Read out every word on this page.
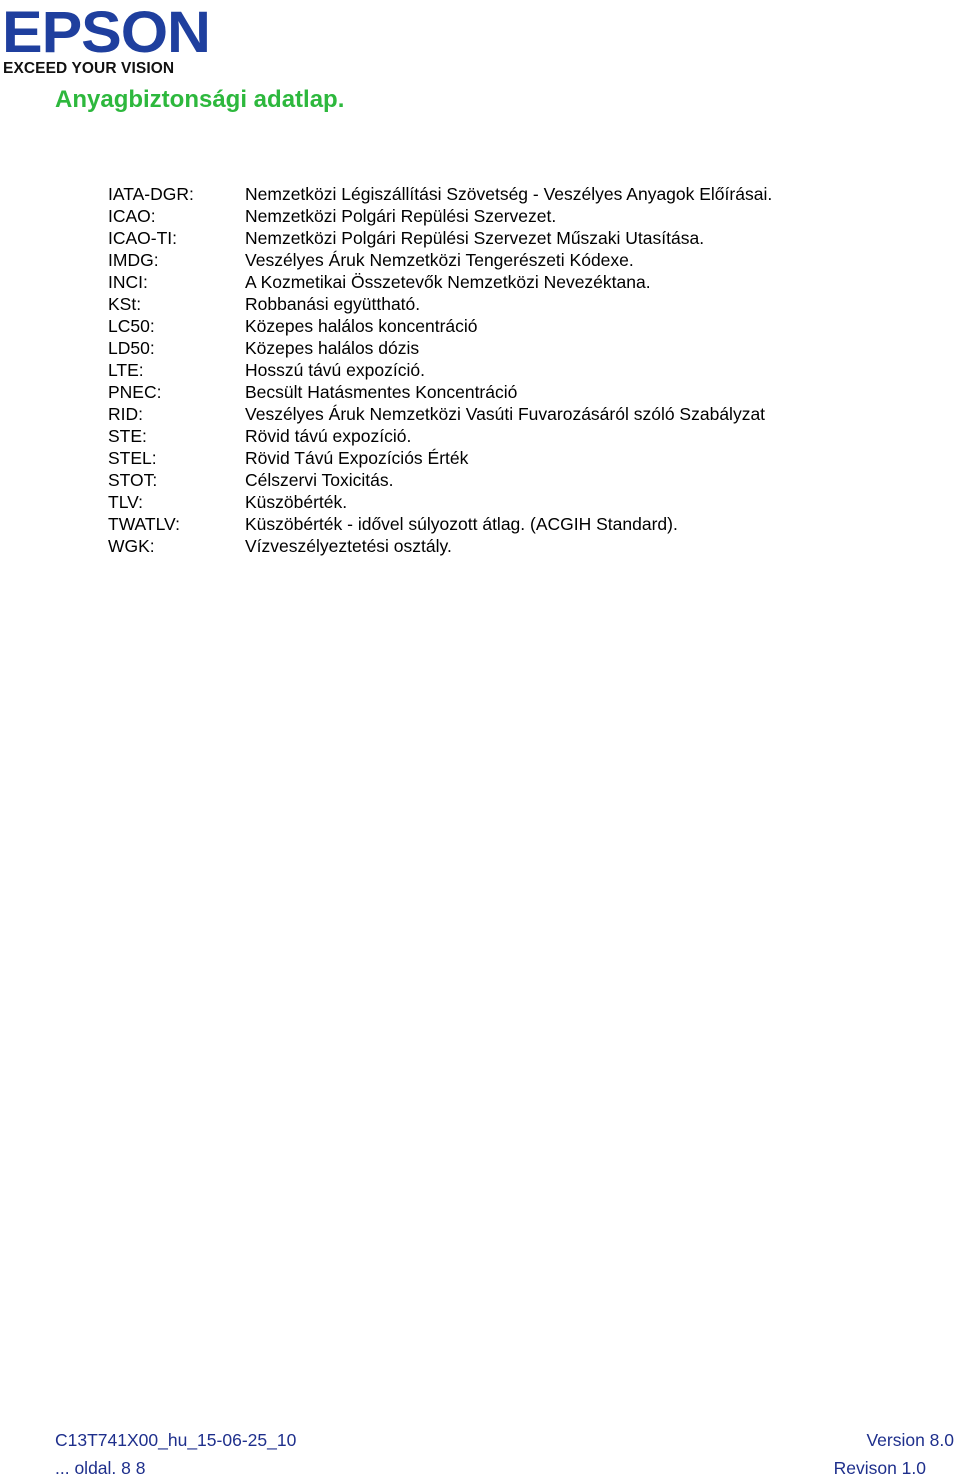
EPSON
EXCEED YOUR VISION
Anyagbiztonsági adatlap.
IATA-DGR:	Nemzetközi Légiszállítási Szövetség - Veszélyes Anyagok Előírásai.
ICAO:	Nemzetközi Polgári Repülési Szervezet.
ICAO-TI:	Nemzetközi Polgári Repülési Szervezet Műszaki Utasítása.
IMDG:	Veszélyes Áruk Nemzetközi Tengerészeti Kódexe.
INCI:	A Kozmetikai Összetevők Nemzetközi Nevezéktana.
KSt:	Robbanási együttható.
LC50:	Közepes halálos koncentráció
LD50:	Közepes halálos dózis
LTE:	Hosszú távú expozíció.
PNEC:	Becsült Hatásmentes Koncentráció
RID:	Veszélyes Áruk Nemzetközi Vasúti Fuvarozásáról szóló Szabályzat
STE:	Rövid távú expozíció.
STEL:	Rövid Távú Expozíciós Érték
STOT:	Célszervi Toxicitás.
TLV:	Küszöbérték.
TWATLV:	Küszöbérték - idővel súlyozott átlag. (ACGIH Standard).
WGK:	Vízveszélyeztetési osztály.
C13T741X00_hu_15-06-25_10	Version 8.0
... oldal. 8 8	Revison 1.0
